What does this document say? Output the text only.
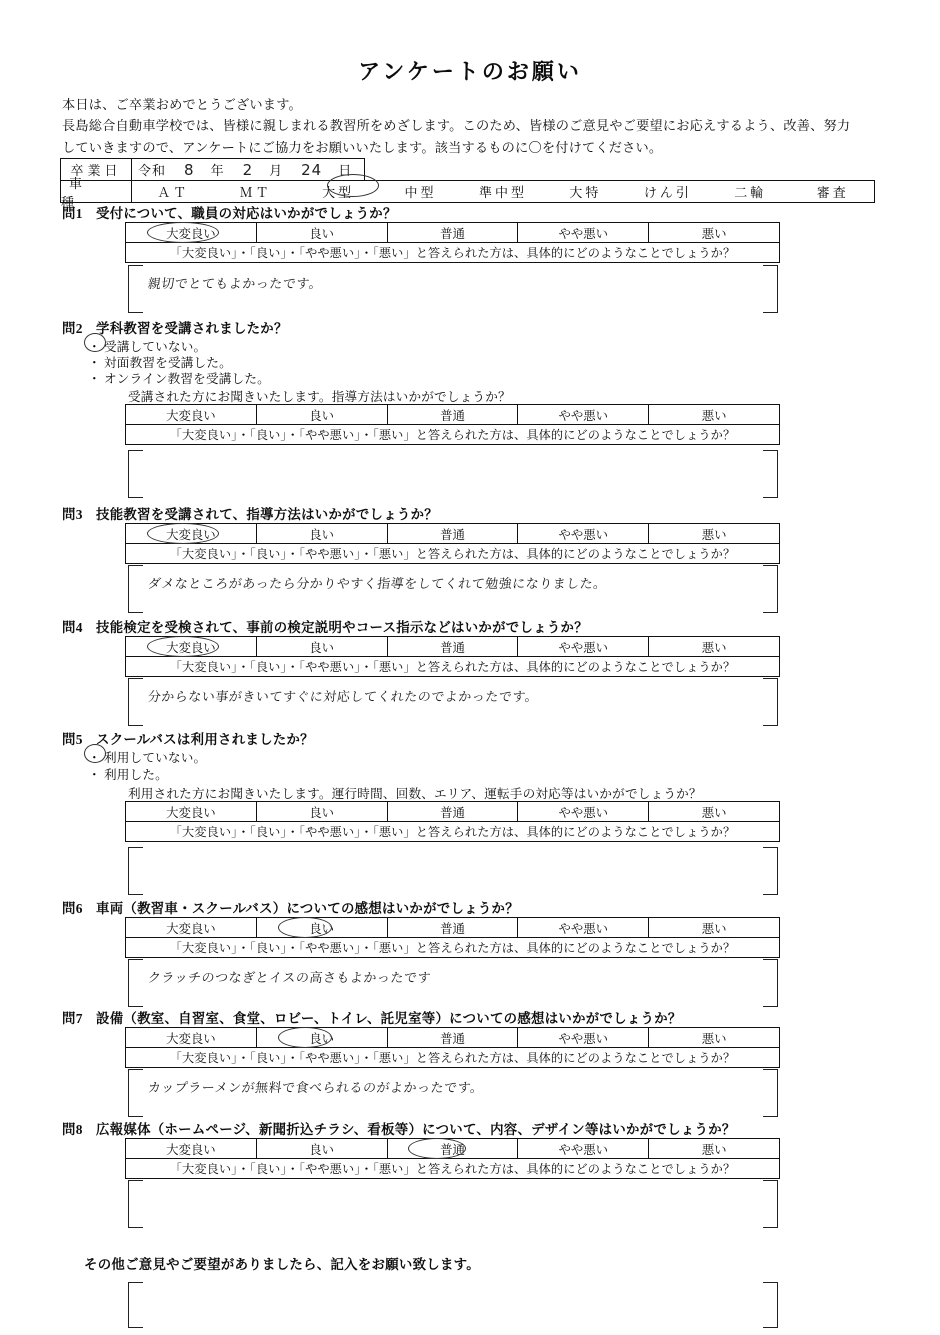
アンケートのお願い
本日は、ご卒業おめでとうございます。
長島総合自動車学校では、皆様に親しまれる教習所をめざします。このため、皆様のご意見やご要望にお応えするよう、改善、努力
していきますので、アンケートにご協力をお願いいたします。該当するものに〇を付けてください。
卒業日	令和 8 年 2 月 24 日
車　種
ＡＴ	ＭＴ	大型	中型	準中型	大特	けん引	二輪	審査
問1 受付について、職員の対応はいかがでしょうか？
大変良い	良い	普通	やや悪い	悪い
「大変良い」・「良い」・「やや悪い」・「悪い」と答えられた方は、具体的にどのようなことでしょうか？
親切でとてもよかったです。
問2 学科教習を受講されましたか？
・ 受講していない。
・ 対面教習を受講した。
・ オンライン教習を受講した。
受講された方にお聞きいたします。指導方法はいかがでしょうか？
大変良い	良い	普通	やや悪い	悪い
「大変良い」・「良い」・「やや悪い」・「悪い」と答えられた方は、具体的にどのようなことでしょうか？
問3 技能教習を受講されて、指導方法はいかがでしょうか？
大変良い	良い	普通	やや悪い	悪い
「大変良い」・「良い」・「やや悪い」・「悪い」と答えられた方は、具体的にどのようなことでしょうか？
ダメなところがあったら分かりやすく指導をしてくれて勉強になりました。
問4 技能検定を受検されて、事前の検定説明やコース指示などはいかがでしょうか？
大変良い	良い	普通	やや悪い	悪い
「大変良い」・「良い」・「やや悪い」・「悪い」と答えられた方は、具体的にどのようなことでしょうか？
分からない事がきいてすぐに対応してくれたのでよかったです。
問5 スクールバスは利用されましたか？
・ 利用していない。
・ 利用した。
利用された方にお聞きいたします。運行時間、回数、エリア、運転手の対応等はいかがでしょうか？
大変良い	良い	普通	やや悪い	悪い
「大変良い」・「良い」・「やや悪い」・「悪い」と答えられた方は、具体的にどのようなことでしょうか？
問6 車両（教習車・スクールバス）についての感想はいかがでしょうか？
大変良い	良い	普通	やや悪い	悪い
「大変良い」・「良い」・「やや悪い」・「悪い」と答えられた方は、具体的にどのようなことでしょうか？
クラッチのつなぎとイスの高さもよかったです
問7 設備（教室、自習室、食堂、ロビー、トイレ、託児室等）についての感想はいかがでしょうか？
大変良い	良い	普通	やや悪い	悪い
「大変良い」・「良い」・「やや悪い」・「悪い」と答えられた方は、具体的にどのようなことでしょうか？
カップラーメンが無料で食べられるのがよかったです。
問8 広報媒体（ホームページ、新聞折込チラシ、看板等）について、内容、デザイン等はいかがでしょうか？
大変良い	良い	普通	やや悪い	悪い
「大変良い」・「良い」・「やや悪い」・「悪い」と答えられた方は、具体的にどのようなことでしょうか？
その他ご意見やご要望がありましたら、記入をお願い致します。
